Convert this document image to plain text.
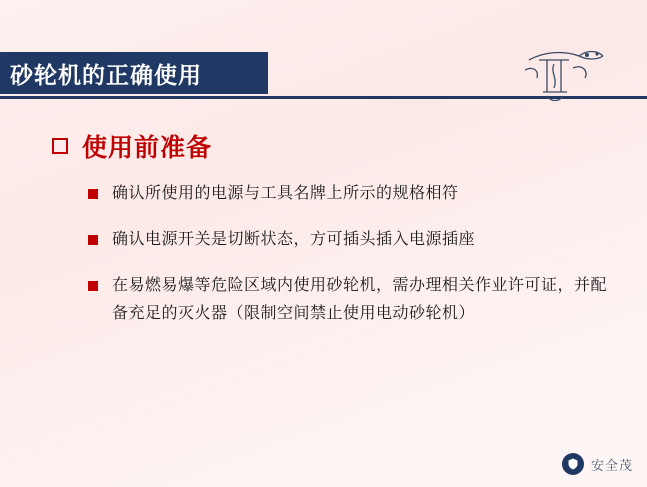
砂轮机的正确使用
使用前准备
确认所使用的电源与工具名牌上所示的规格相符
确认电源开关是切断状态，方可插头插入电源插座
在易燃易爆等危险区域内使用砂轮机，需办理相关作业许可证，并配备充足的灭火器（限制空间禁止使用电动砂轮机）
安全茂
